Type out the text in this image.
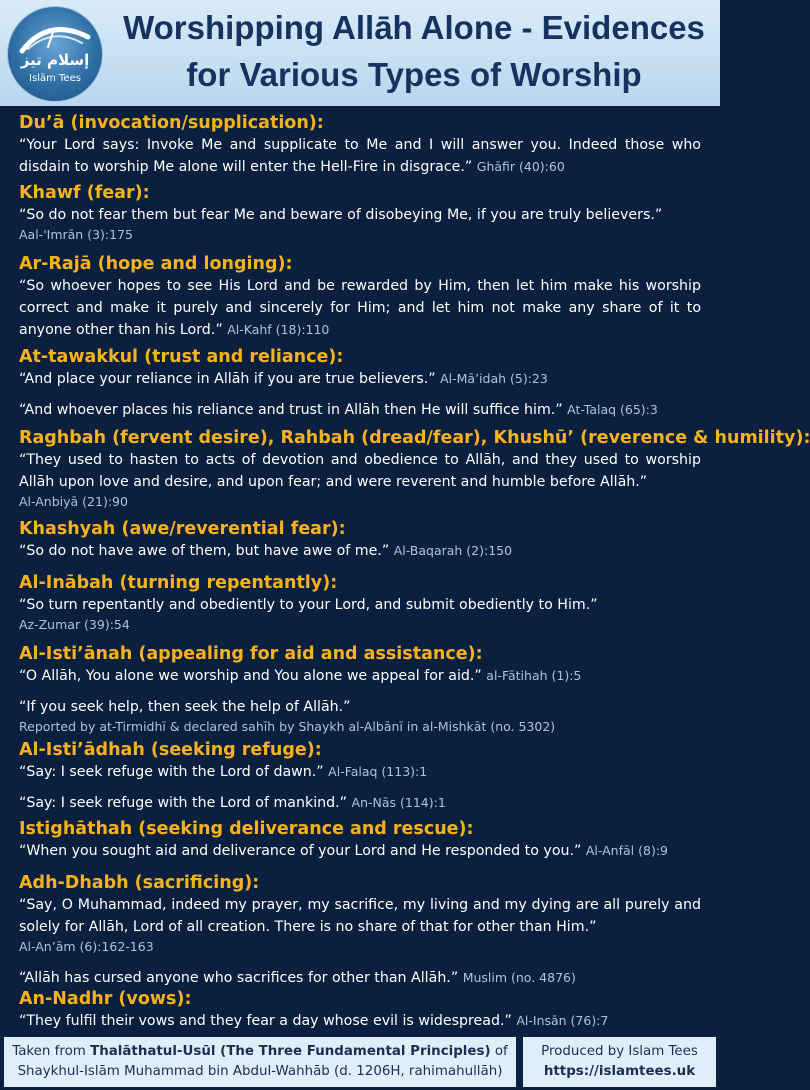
إسلام تيز
Islām Tees
Worshipping Allāh Alone - Evidences
for Various Types of Worship
Du’ā (invocation/supplication):
“Your Lord says: Invoke Me and supplicate to Me and I will answer you. Indeed those who disdain to worship Me alone will enter the Hell-Fire in disgrace.” Ghāfir (40):60
Khawf (fear):
“So do not fear them but fear Me and beware of disobeying Me, if you are truly believers.”
Aal-'Imrān (3):175
Ar-Rajā (hope and longing):
“So whoever hopes to see His Lord and be rewarded by Him, then let him make his worship correct and make it purely and sincerely for Him; and let him not make any share of it to anyone other than his Lord.” Al-Kahf (18):110
At-tawakkul (trust and reliance):
“And place your reliance in Allāh if you are true believers.” Al-Mā’idah (5):23
“And whoever places his reliance and trust in Allāh then He will suffice him.” At-Talaq (65):3
Raghbah (fervent desire), Rahbah (dread/fear), Khushū’ (reverence & humility):
“They used to hasten to acts of devotion and obedience to Allāh, and they used to worship Allāh upon love and desire, and upon fear; and were reverent and humble before Allāh.”
Al-Anbiyā (21):90
Khashyah (awe/reverential fear):
“So do not have awe of them, but have awe of me.” Al-Baqarah (2):150
Al-Inābah (turning repentantly):
“So turn repentantly and obediently to your Lord, and submit obediently to Him.”
Az-Zumar (39):54
Al-Isti’ānah (appealing for aid and assistance):
“O Allāh, You alone we worship and You alone we appeal for aid.” al-Fātihah (1):5
“If you seek help, then seek the help of Allāh.”
Reported by at-Tirmidhī & declared sahīh by Shaykh al-Albānī in al-Mishkāt (no. 5302)
Al-Isti’ādhah (seeking refuge):
“Say: I seek refuge with the Lord of dawn.” Al-Falaq (113):1
“Say: I seek refuge with the Lord of mankind.” An-Nās (114):1
Istighāthah (seeking deliverance and rescue):
“When you sought aid and deliverance of your Lord and He responded to you.” Al-Anfāl (8):9
Adh-Dhabh (sacrificing):
“Say, O Muhammad, indeed my prayer, my sacrifice, my living and my dying are all purely and solely for Allāh, Lord of all creation. There is no share of that for other than Him.”
Al-An’ām (6):162-163
“Allāh has cursed anyone who sacrifices for other than Allāh.” Muslim (no. 4876)
An-Nadhr (vows):
“They fulfil their vows and they fear a day whose evil is widespread.” Al-Insān (76):7
Taken from Thalāthatul-Usūl (The Three Fundamental Principles) of
Shaykhul-Islām Muhammad bin Abdul-Wahhāb (d. 1206H, rahimahullāh)
Produced by Islam Tees
https://islamtees.uk
